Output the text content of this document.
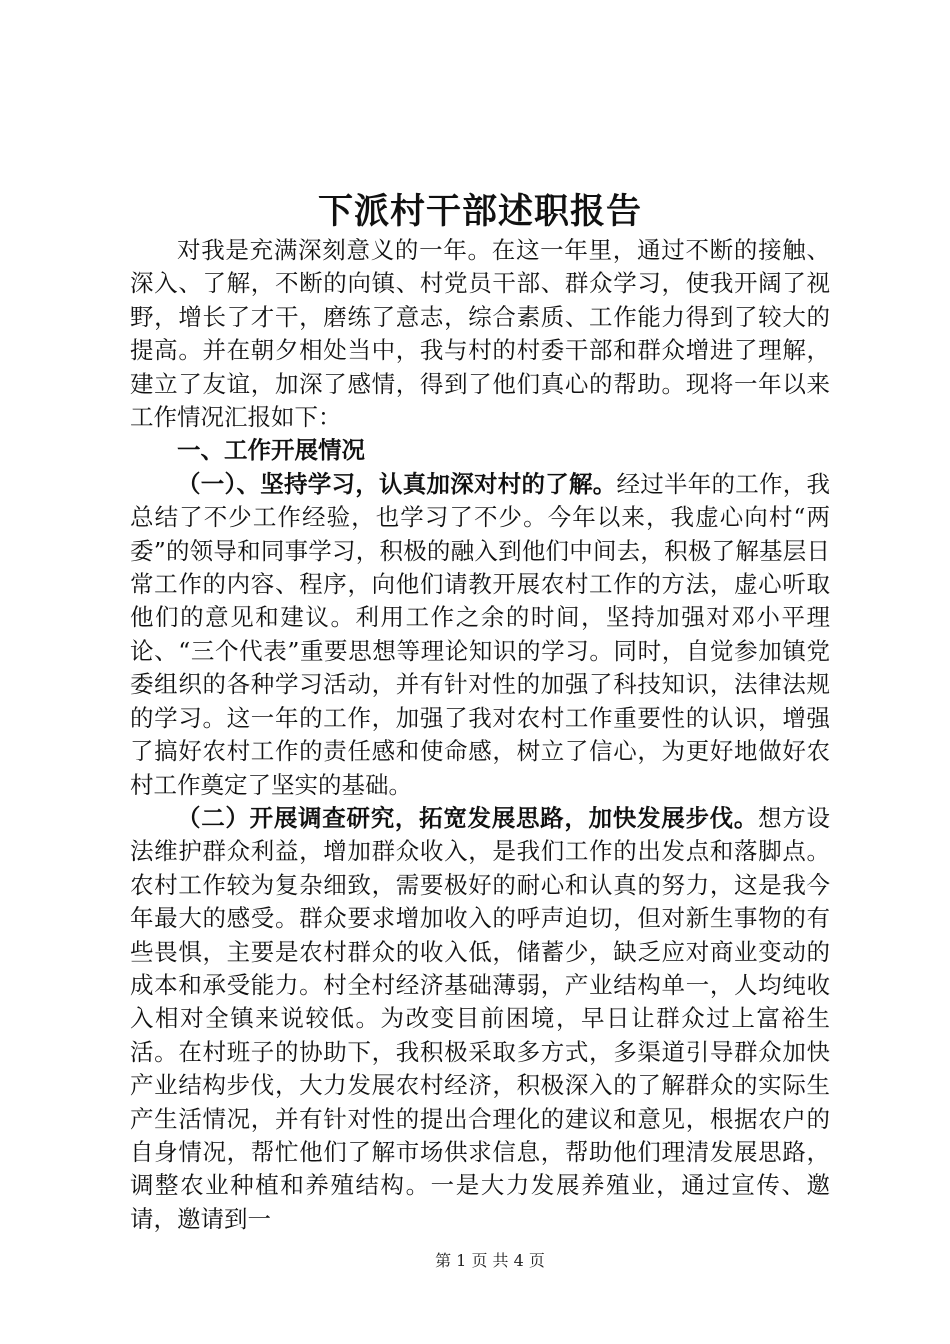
下派村干部述职报告

对我是充满深刻意义的一年。在这一年里，通过不断的接触、深入、了解，不断的向镇、村党员干部、群众学习，使我开阔了视野，增长了才干，磨练了意志，综合素质、工作能力得到了较大的提高。并在朝夕相处当中，我与村的村委干部和群众增进了理解，建立了友谊，加深了感情，得到了他们真心的帮助。现将一年以来工作情况汇报如下：

一、工作开展情况

（一）、坚持学习，认真加深对村的了解。经过半年的工作，我总结了不少工作经验，也学习了不少。今年以来，我虚心向村“两委”的领导和同事学习，积极的融入到他们中间去，积极了解基层日常工作的内容、程序，向他们请教开展农村工作的方法，虚心听取他们的意见和建议。利用工作之余的时间，坚持加强对邓小平理论、“三个代表”重要思想等理论知识的学习。同时，自觉参加镇党委组织的各种学习活动，并有针对性的加强了科技知识，法律法规的学习。这一年的工作，加强了我对农村工作重要性的认识，增强了搞好农村工作的责任感和使命感，树立了信心，为更好地做好农村工作奠定了坚实的基础。

（二）开展调查研究，拓宽发展思路，加快发展步伐。想方设法维护群众利益，增加群众收入，是我们工作的出发点和落脚点。农村工作较为复杂细致，需要极好的耐心和认真的努力，这是我今年最大的感受。群众要求增加收入的呼声迫切，但对新生事物的有些畏惧，主要是农村群众的收入低，储蓄少，缺乏应对商业变动的成本和承受能力。村全村经济基础薄弱，产业结构单一，人均纯收入相对全镇来说较低。为改变目前困境，早日让群众过上富裕生活。在村班子的协助下，我积极采取多方式，多渠道引导群众加快产业结构步伐，大力发展农村经济，积极深入的了解群众的实际生产生活情况，并有针对性的提出合理化的建议和意见，根据农户的自身情况，帮忙他们了解市场供求信息，帮助他们理清发展思路，调整农业种植和养殖结构。一是大力发展养殖业，通过宣传、邀请，邀请到一

第 1 页 共 4 页
